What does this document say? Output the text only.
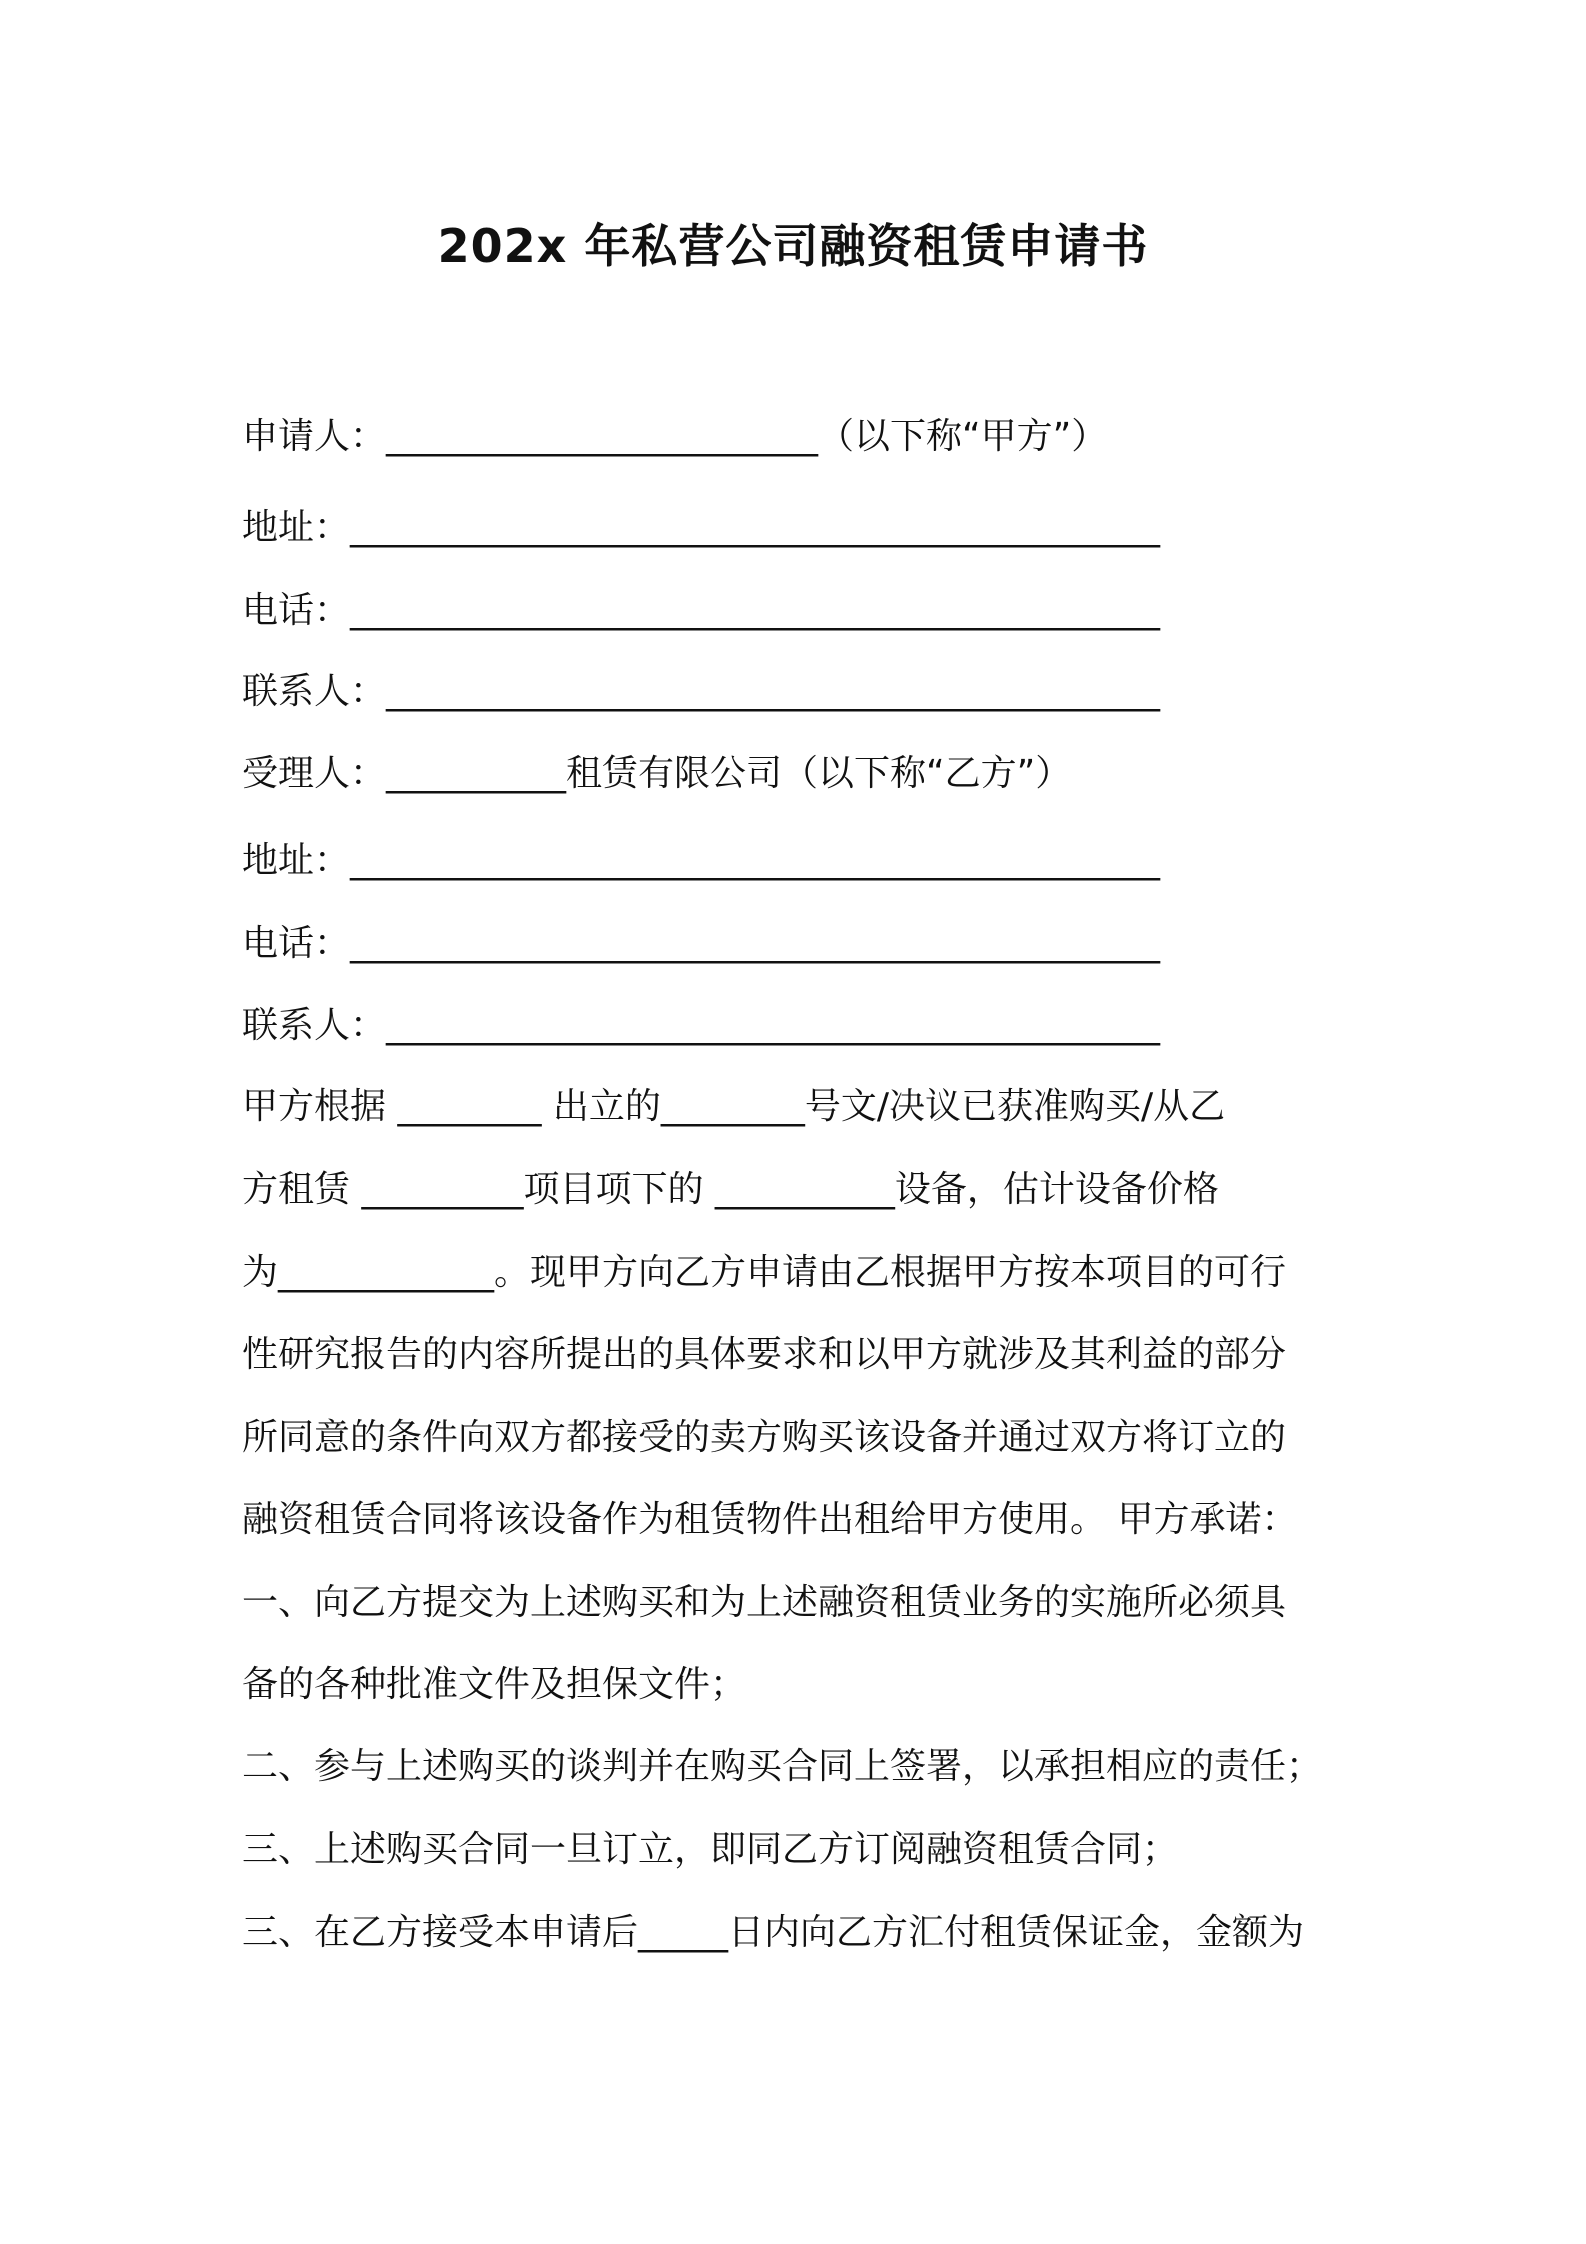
202x 年私营公司融资租赁申请书
申请人：________________________（以下称“甲方”）
地址：_____________________________________________
电话：_____________________________________________
联系人：___________________________________________
受理人：__________租赁有限公司（以下称“乙方”）
地址：_____________________________________________
电话：_____________________________________________
联系人：___________________________________________
甲方根据 ________ 出立的________号文/决议已获准购买/从乙
方租赁 _________项目项下的 __________设备，估计设备价格
为____________。现甲方向乙方申请由乙根据甲方按本项目的可行
性研究报告的内容所提出的具体要求和以甲方就涉及其利益的部分
所同意的条件向双方都接受的卖方购买该设备并通过双方将订立的
融资租赁合同将该设备作为租赁物件出租给甲方使用。 甲方承诺：
一、向乙方提交为上述购买和为上述融资租赁业务的实施所必须具
备的各种批准文件及担保文件；
二、参与上述购买的谈判并在购买合同上签署，以承担相应的责任；
三、上述购买合同一旦订立，即同乙方订阅融资租赁合同；
三、在乙方接受本申请后_____日内向乙方汇付租赁保证金，金额为
